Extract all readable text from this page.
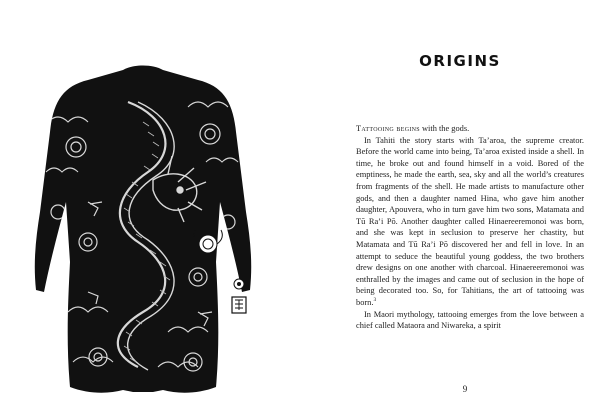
ORIGINS

Tattooing begins with the gods.

In Tahiti the story starts with Ta’aroa, the supreme creator. Before the world came into being, Ta’aroa existed inside a shell. In time, he broke out and found himself in a void. Bored of the emptiness, he made the earth, sea, sky and all the world’s creatures from fragments of the shell. He made artists to manufacture other gods, and then a daughter named Hina, who gave him another daughter, Apouvera, who in turn gave him two sons, Matamata and Tū Ra’i Pō. Another daughter called Hinaereeremonoi was born, and she was kept in seclusion to preserve her chastity, but Matamata and Tū Ra’i Pō discovered her and fell in love. In an attempt to seduce the beautiful young goddess, the two brothers drew designs on one another with charcoal. Hinaereeremonoi was enthralled by the images and came out of seclusion in the hope of being decorated too. So, for Tahitians, the art of tattooing was born.$^3$

In Maori mythology, tattooing emerges from the love between a chief called Mataora and Niwareka, a spirit

9
